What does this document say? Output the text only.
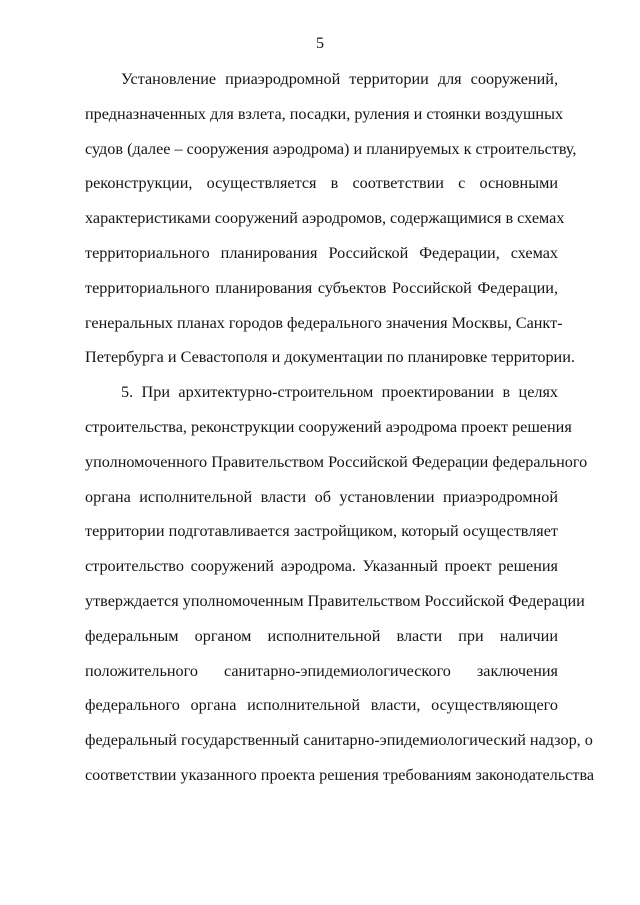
5
Установление приаэродромной территории для сооружений,
предназначенных для взлета, посадки, руления и стоянки воздушных
судов (далее – сооружения аэродрома) и планируемых к строительству,
реконструкции, осуществляется в соответствии с основными
характеристиками сооружений аэродромов, содержащимися в схемах
территориального планирования Российской Федерации, схемах
территориального планирования субъектов Российской Федерации,
генеральных планах городов федерального значения Москвы, Санкт-
Петербурга и Севастополя и документации по планировке территории.
5. При архитектурно-строительном проектировании в целях
строительства, реконструкции сооружений аэродрома проект решения
уполномоченного Правительством Российской Федерации федерального
органа исполнительной власти об установлении приаэродромной
территории подготавливается застройщиком, который осуществляет
строительство сооружений аэродрома. Указанный проект решения
утверждается уполномоченным Правительством Российской Федерации
федеральным органом исполнительной власти при наличии
положительного санитарно-эпидемиологического заключения
федерального органа исполнительной власти, осуществляющего
федеральный государственный санитарно-эпидемиологический надзор, о
соответствии указанного проекта решения требованиям законодательства
